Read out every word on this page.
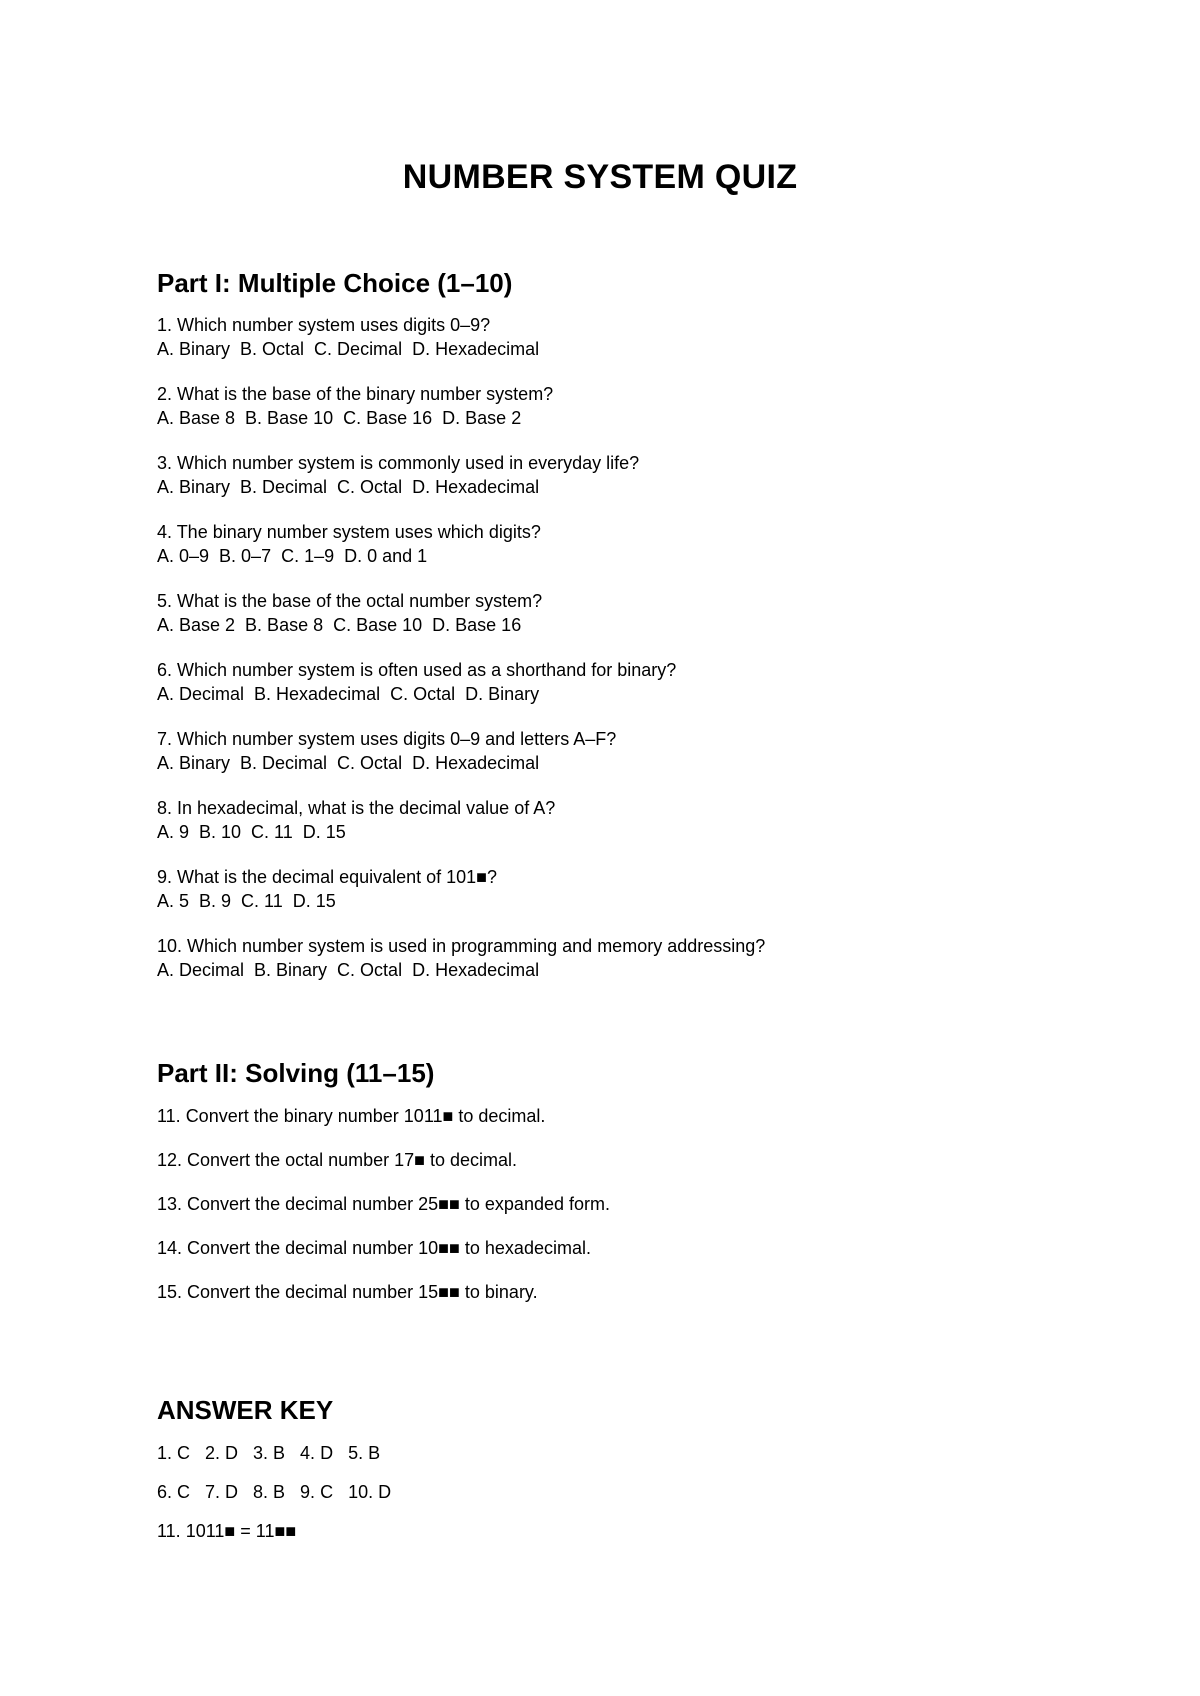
NUMBER SYSTEM QUIZ
Part I: Multiple Choice (1–10)
1. Which number system uses digits 0–9?
A. Binary  B. Octal  C. Decimal  D. Hexadecimal
2. What is the base of the binary number system?
A. Base 8  B. Base 10  C. Base 16  D. Base 2
3. Which number system is commonly used in everyday life?
A. Binary  B. Decimal  C. Octal  D. Hexadecimal
4. The binary number system uses which digits?
A. 0–9  B. 0–7  C. 1–9  D. 0 and 1
5. What is the base of the octal number system?
A. Base 2  B. Base 8  C. Base 10  D. Base 16
6. Which number system is often used as a shorthand for binary?
A. Decimal  B. Hexadecimal  C. Octal  D. Binary
7. Which number system uses digits 0–9 and letters A–F?
A. Binary  B. Decimal  C. Octal  D. Hexadecimal
8. In hexadecimal, what is the decimal value of A?
A. 9  B. 10  C. 11  D. 15
9. What is the decimal equivalent of 101■?
A. 5  B. 9  C. 11  D. 15
10. Which number system is used in programming and memory addressing?
A. Decimal  B. Binary  C. Octal  D. Hexadecimal
Part II: Solving (11–15)
11. Convert the binary number 1011■ to decimal.
12. Convert the octal number 17■ to decimal.
13. Convert the decimal number 25■■ to expanded form.
14. Convert the decimal number 10■■ to hexadecimal.
15. Convert the decimal number 15■■ to binary.
ANSWER KEY
1. C   2. D   3. B   4. D   5. B
6. C   7. D   8. B   9. C   10. D
11. 1011■ = 11■■
